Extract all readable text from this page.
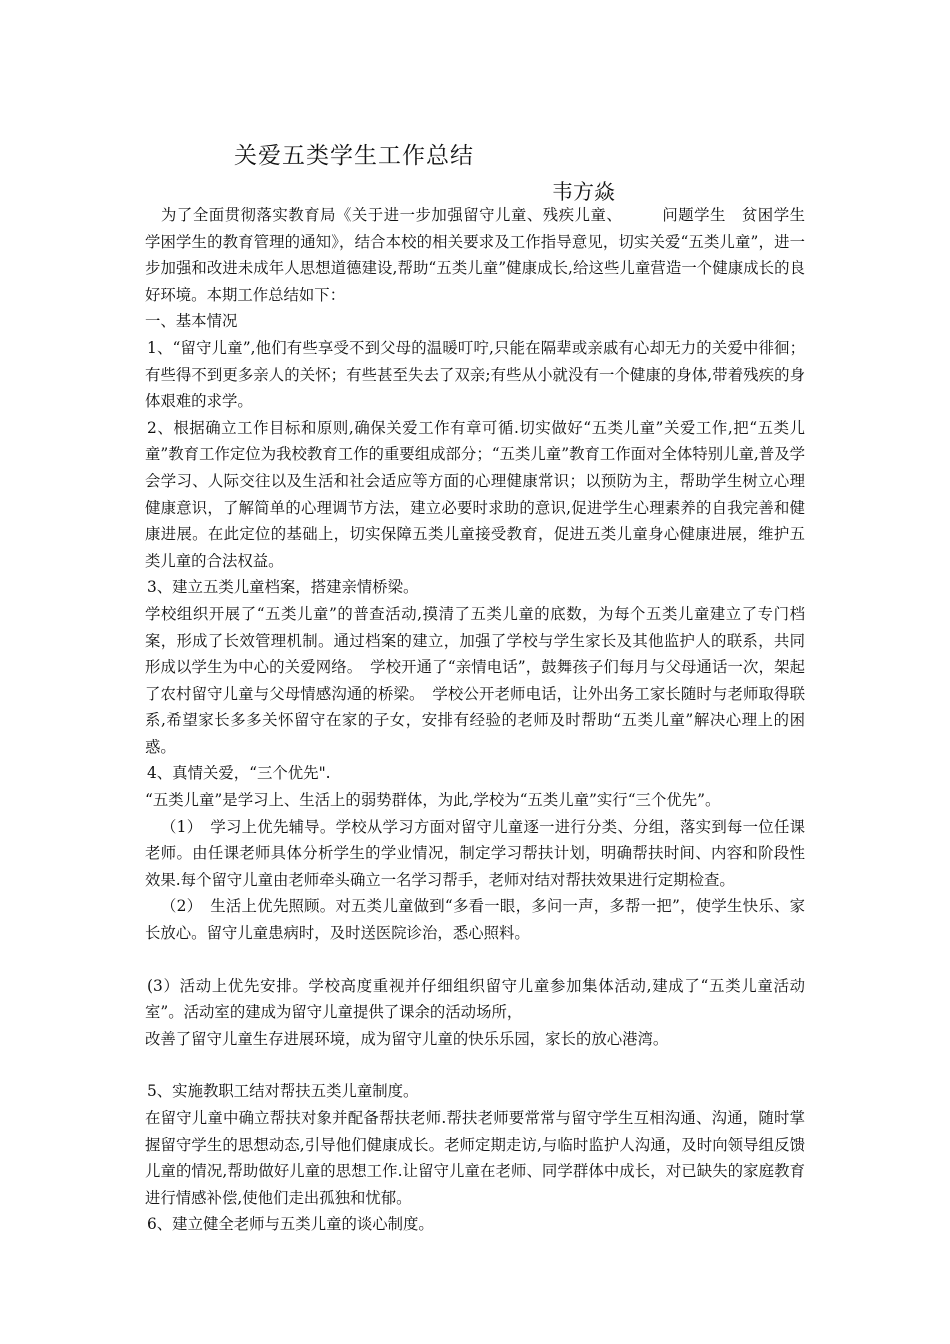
关爱五类学生工作总结
韦方焱

为了全面贯彻落实教育局《关于进一步加强留守儿童、残疾儿童、　　　问题学生　贫困学生　学困学生的教育管理的通知》，结合本校的相关要求及工作指导意见，切实关爱“五类儿童”，进一步加强和改进未成年人思想道德建设,帮助“五类儿童”健康成长,给这些儿童营造一个健康成长的良好环境。本期工作总结如下：

一、基本情况

1、“留守儿童”,他们有些享受不到父母的温暖叮咛,只能在隔辈或亲戚有心却无力的关爱中徘徊；有些得不到更多亲人的关怀；有些甚至失去了双亲;有些从小就没有一个健康的身体,带着残疾的身体艰难的求学。

2、根据确立工作目标和原则,确保关爱工作有章可循.切实做好“五类儿童”关爱工作,把“五类儿童”教育工作定位为我校教育工作的重要组成部分；“五类儿童”教育工作面对全体特别儿童,普及学会学习、人际交往以及生活和社会适应等方面的心理健康常识；以预防为主，帮助学生树立心理健康意识，了解简单的心理调节方法，建立必要时求助的意识,促进学生心理素养的自我完善和健康进展。在此定位的基础上，切实保障五类儿童接受教育，促进五类儿童身心健康进展，维护五类儿童的合法权益。

3、建立五类儿童档案，搭建亲情桥梁。

学校组织开展了“五类儿童”的普查活动,摸清了五类儿童的底数，为每个五类儿童建立了专门档案，形成了长效管理机制。通过档案的建立，加强了学校与学生家长及其他监护人的联系，共同形成以学生为中心的关爱网络。　学校开通了“亲情电话”，鼓舞孩子们每月与父母通话一次，架起了农村留守儿童与父母情感沟通的桥梁。　学校公开老师电话，让外出务工家长随时与老师取得联系,希望家长多多关怀留守在家的子女，安排有经验的老师及时帮助“五类儿童”解决心理上的困惑。

4、真情关爱，“三个优先".

“五类儿童”是学习上、生活上的弱势群体，为此,学校为“五类儿童”实行“三个优先”。

（1）　学习上优先辅导。学校从学习方面对留守儿童逐一进行分类、分组，落实到每一位任课老师。由任课老师具体分析学生的学业情况，制定学习帮扶计划，明确帮扶时间、内容和阶段性效果.每个留守儿童由老师牵头确立一名学习帮手，老师对结对帮扶效果进行定期检查。

（2）　生活上优先照顾。对五类儿童做到“多看一眼，多问一声，多帮一把”，使学生快乐、家长放心。留守儿童患病时，及时送医院诊治，悉心照料。

(3）活动上优先安排。学校高度重视并仔细组织留守儿童参加集体活动,建成了“五类儿童活动室”。活动室的建成为留守儿童提供了课余的活动场所，

改善了留守儿童生存进展环境，成为留守儿童的快乐乐园，家长的放心港湾。

5、实施教职工结对帮扶五类儿童制度。

在留守儿童中确立帮扶对象并配备帮扶老师.帮扶老师要常常与留守学生互相沟通、沟通，随时掌握留守学生的思想动态,引导他们健康成长。老师定期走访,与临时监护人沟通，及时向领导组反馈儿童的情况,帮助做好儿童的思想工作.让留守儿童在老师、同学群体中成长，对已缺失的家庭教育进行情感补偿,使他们走出孤独和忧郁。

6、建立健全老师与五类儿童的谈心制度。
